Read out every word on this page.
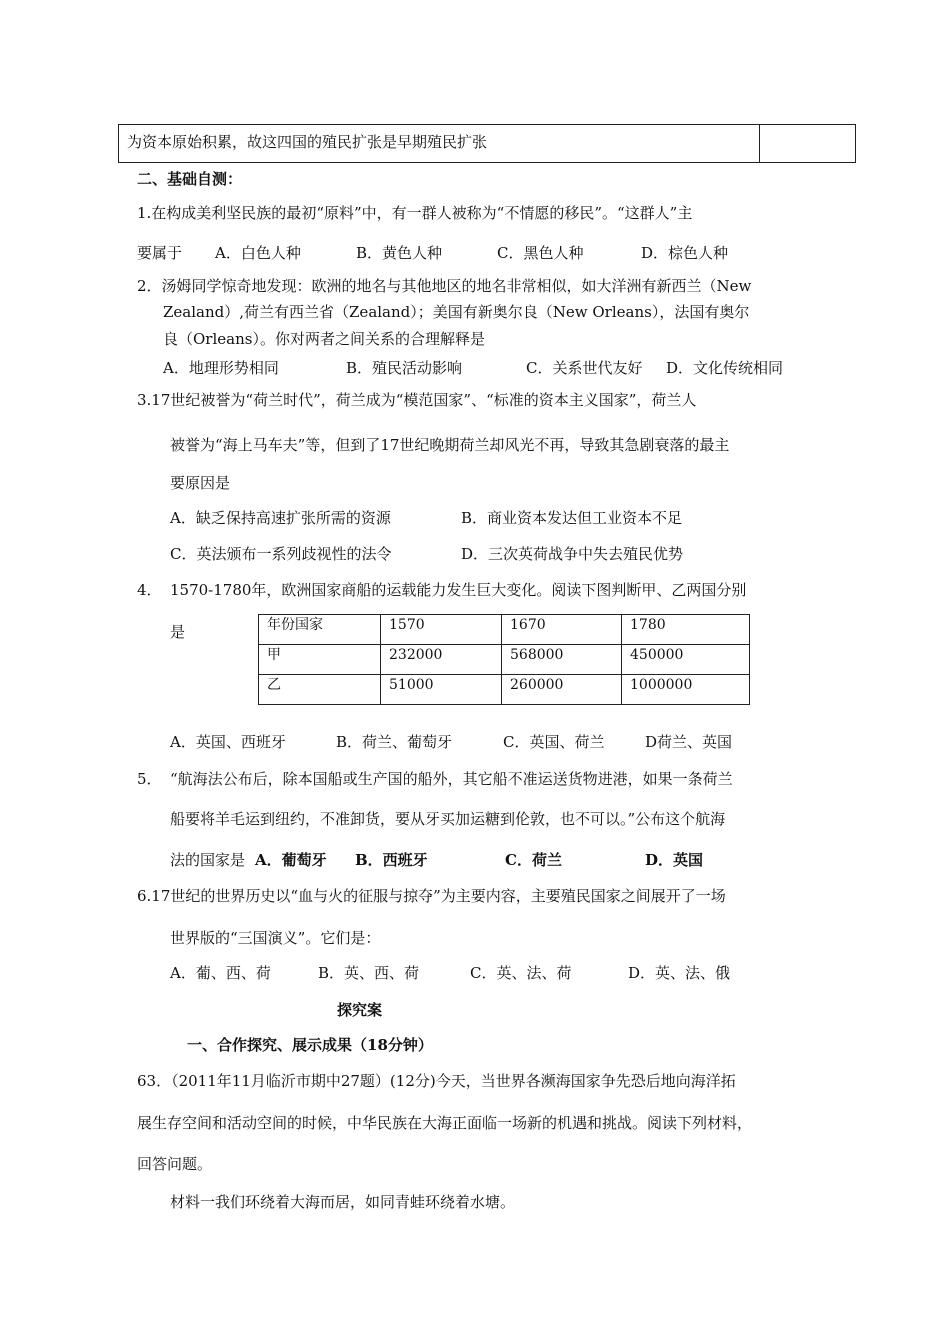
为资本原始积累，故这四国的殖民扩张是早期殖民扩张
二、基础自测：
1.在构成美利坚民族的最初“原料”中，有一群人被称为“不情愿的移民”。“这群人”主
要属于 A．白色人种	B．黄色人种	C．黑色人种	D．棕色人种
2．汤姆同学惊奇地发现：欧洲的地名与其他地区的地名非常相似，如大洋洲有新西兰（New
Zealand）,荷兰有西兰省（Zealand）；美国有新奥尔良（New Orleans），法国有奥尔
良（Orleans）。你对两者之间关系的合理解释是
A．地理形势相同	B．殖民活动影响	C．关系世代友好 D．文化传统相同
3.17世纪被誉为“荷兰时代”，荷兰成为“模范国家”、“标准的资本主义国家”，荷兰人
被誉为“海上马车夫”等，但到了17世纪晚期荷兰却风光不再，导致其急剧衰落的最主
要原因是
A．缺乏保持高速扩张所需的资源	B．商业资本发达但工业资本不足
C．英法颁布一系列歧视性的法令	D．三次英荷战争中失去殖民优势
4． 1570-1780年，欧洲国家商船的运载能力发生巨大变化。阅读下图判断甲、乙两国分别
是	年份国家	1570	1670	1780
甲	232000	568000	450000
乙	51000	260000	1000000
A．英国、西班牙	B．荷兰、葡萄牙	C．英国、荷兰	D荷兰、英国
5． “航海法公布后，除本国船或生产国的船外，其它船不准运送货物进港，如果一条荷兰
船要将羊毛运到纽约，不准卸货，要从牙买加运糖到伦敦，也不可以。”公布这个航海
法的国家是 A．葡萄牙 B．西班牙	C．荷兰	D．英国
6.17世纪的世界历史以“血与火的征服与掠夺”为主要内容，主要殖民国家之间展开了一场
世界版的“三国演义”。它们是：
A．葡、西、荷	B．英、西、荷	C．英、法、荷	D．英、法、俄
探究案
一、合作探究、展示成果（18分钟）
63．（2011年11月临沂市期中27题）(12分)今天，当世界各濒海国家争先恐后地向海洋拓
展生存空间和活动空间的时候，中华民族在大海正面临一场新的机遇和挑战。阅读下列材料，
回答问题。
材料一我们环绕着大海而居，如同青蛙环绕着水塘。
